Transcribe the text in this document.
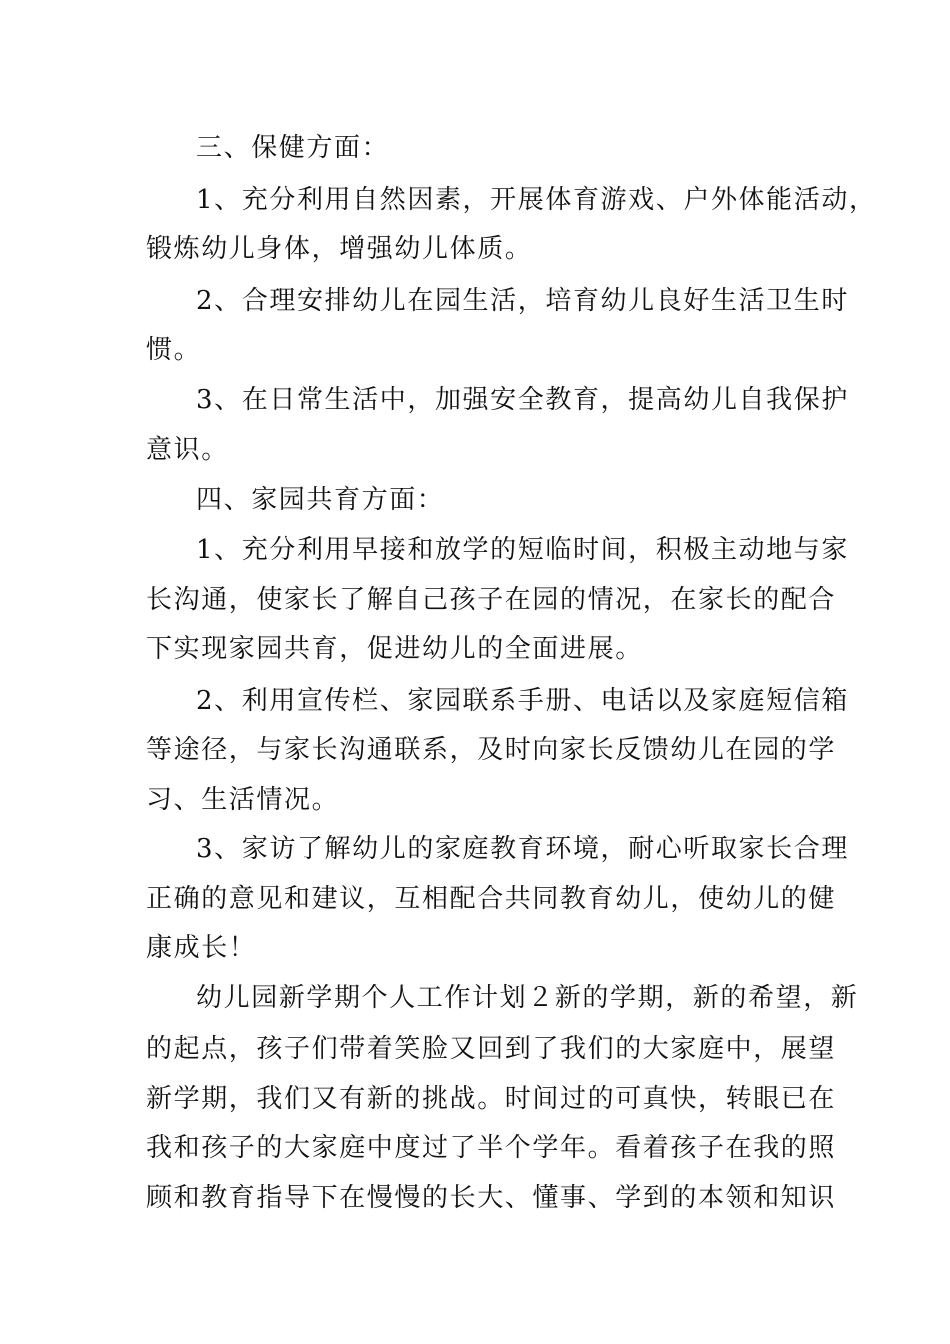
三、保健方面：
1、充分利用自然因素，开展体育游戏、户外体能活动，
锻炼幼儿身体，增强幼儿体质。
2、合理安排幼儿在园生活，培育幼儿良好生活卫生时
惯。
3、在日常生活中，加强安全教育，提高幼儿自我保护
意识。
四、家园共育方面：
1、充分利用早接和放学的短临时间，积极主动地与家
长沟通，使家长了解自己孩子在园的情况，在家长的配合
下实现家园共育，促进幼儿的全面进展。
2、利用宣传栏、家园联系手册、电话以及家庭短信箱
等途径，与家长沟通联系，及时向家长反馈幼儿在园的学
习、生活情况。
3、家访了解幼儿的家庭教育环境，耐心听取家长合理
正确的意见和建议，互相配合共同教育幼儿，使幼儿的健
康成长！
幼儿园新学期个人工作计划２新的学期，新的希望，新
的起点，孩子们带着笑脸又回到了我们的大家庭中，展望
新学期，我们又有新的挑战。时间过的可真快，转眼已在
我和孩子的大家庭中度过了半个学年。看着孩子在我的照
顾和教育指导下在慢慢的长大、懂事、学到的本领和知识
